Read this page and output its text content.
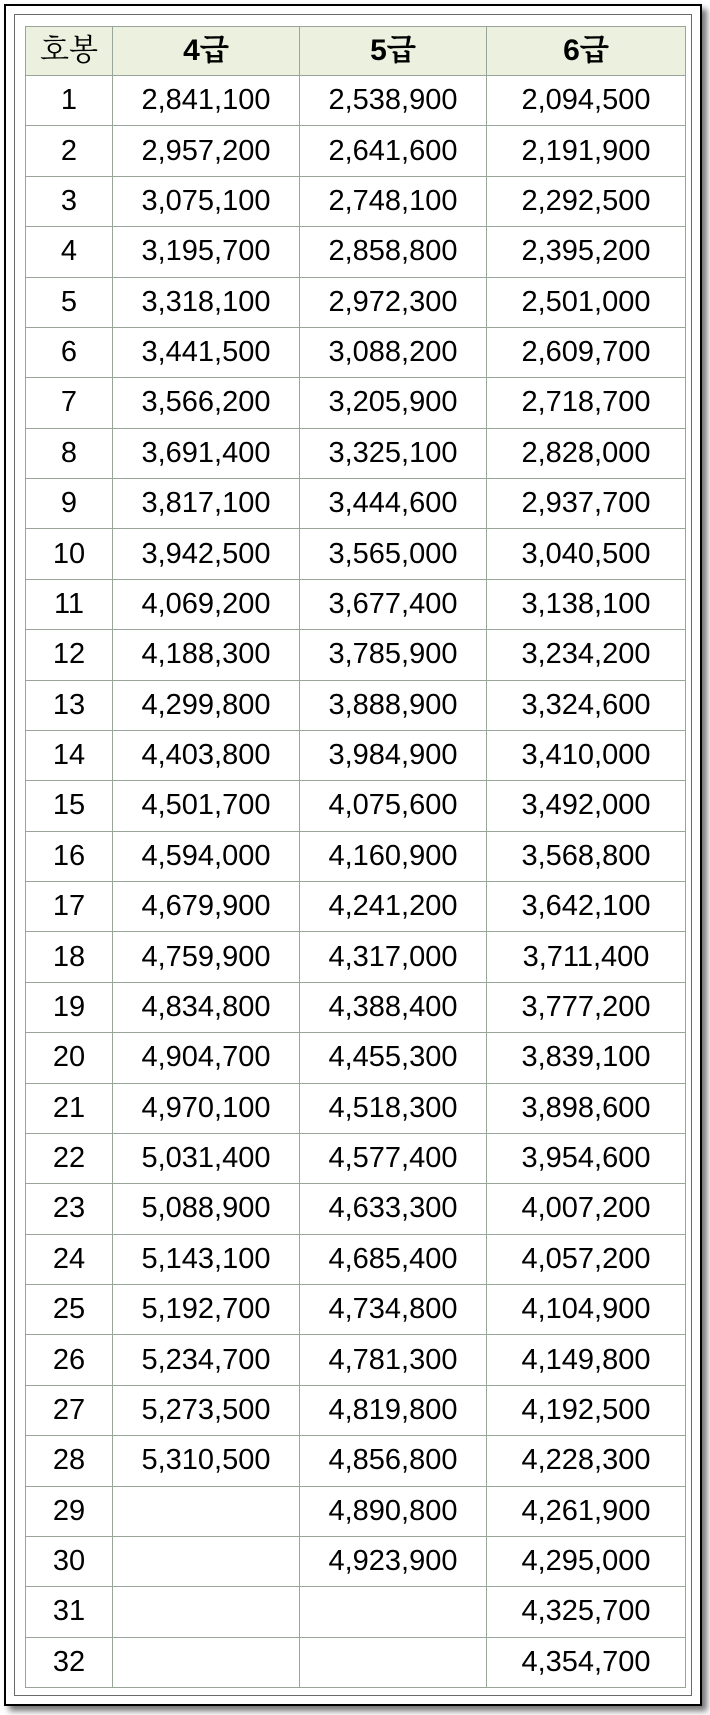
호봉	4급	5급	6급
1	2,841,100	2,538,900	2,094,500
2	2,957,200	2,641,600	2,191,900
3	3,075,100	2,748,100	2,292,500
4	3,195,700	2,858,800	2,395,200
5	3,318,100	2,972,300	2,501,000
6	3,441,500	3,088,200	2,609,700
7	3,566,200	3,205,900	2,718,700
8	3,691,400	3,325,100	2,828,000
9	3,817,100	3,444,600	2,937,700
10	3,942,500	3,565,000	3,040,500
11	4,069,200	3,677,400	3,138,100
12	4,188,300	3,785,900	3,234,200
13	4,299,800	3,888,900	3,324,600
14	4,403,800	3,984,900	3,410,000
15	4,501,700	4,075,600	3,492,000
16	4,594,000	4,160,900	3,568,800
17	4,679,900	4,241,200	3,642,100
18	4,759,900	4,317,000	3,711,400
19	4,834,800	4,388,400	3,777,200
20	4,904,700	4,455,300	3,839,100
21	4,970,100	4,518,300	3,898,600
22	5,031,400	4,577,400	3,954,600
23	5,088,900	4,633,300	4,007,200
24	5,143,100	4,685,400	4,057,200
25	5,192,700	4,734,800	4,104,900
26	5,234,700	4,781,300	4,149,800
27	5,273,500	4,819,800	4,192,500
28	5,310,500	4,856,800	4,228,300
29		4,890,800	4,261,900
30		4,923,900	4,295,000
31			4,325,700
32			4,354,700
